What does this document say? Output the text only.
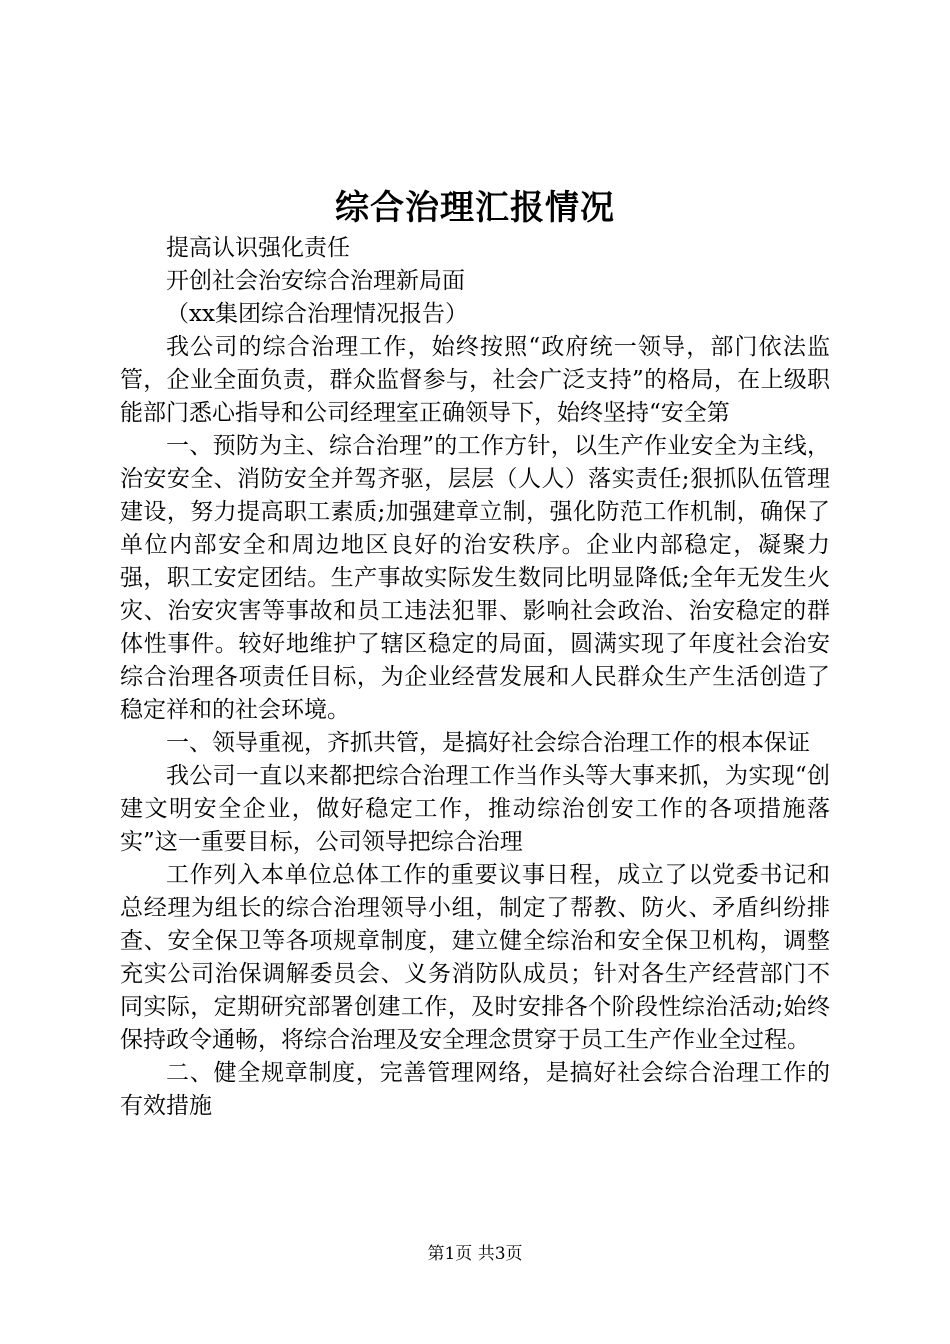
综合治理汇报情况

提高认识强化责任

开创社会治安综合治理新局面

（xx集团综合治理情况报告）

我公司的综合治理工作，始终按照“政府统一领导，部门依法监管，企业全面负责，群众监督参与，社会广泛支持”的格局，在上级职能部门悉心指导和公司经理室正确领导下，始终坚持“安全第

一、预防为主、综合治理”的工作方针，以生产作业安全为主线，治安安全、消防安全并驾齐驱，层层（人人）落实责任;狠抓队伍管理建设，努力提高职工素质;加强建章立制，强化防范工作机制，确保了单位内部安全和周边地区良好的治安秩序。企业内部稳定，凝聚力强，职工安定团结。生产事故实际发生数同比明显降低;全年无发生火灾、治安灾害等事故和员工违法犯罪、影响社会政治、治安稳定的群体性事件。较好地维护了辖区稳定的局面，圆满实现了年度社会治安综合治理各项责任目标，为企业经营发展和人民群众生产生活创造了稳定祥和的社会环境。

一、领导重视，齐抓共管，是搞好社会综合治理工作的根本保证

我公司一直以来都把综合治理工作当作头等大事来抓，为实现“创建文明安全企业，做好稳定工作，推动综治创安工作的各项措施落实”这一重要目标，公司领导把综合治理

工作列入本单位总体工作的重要议事日程，成立了以党委书记和总经理为组长的综合治理领导小组，制定了帮教、防火、矛盾纠纷排查、安全保卫等各项规章制度，建立健全综治和安全保卫机构，调整充实公司治保调解委员会、义务消防队成员；针对各生产经营部门不同实际，定期研究部署创建工作，及时安排各个阶段性综治活动;始终保持政令通畅，将综合治理及安全理念贯穿于员工生产作业全过程。

二、健全规章制度，完善管理网络，是搞好社会综合治理工作的有效措施

第1页 共3页
